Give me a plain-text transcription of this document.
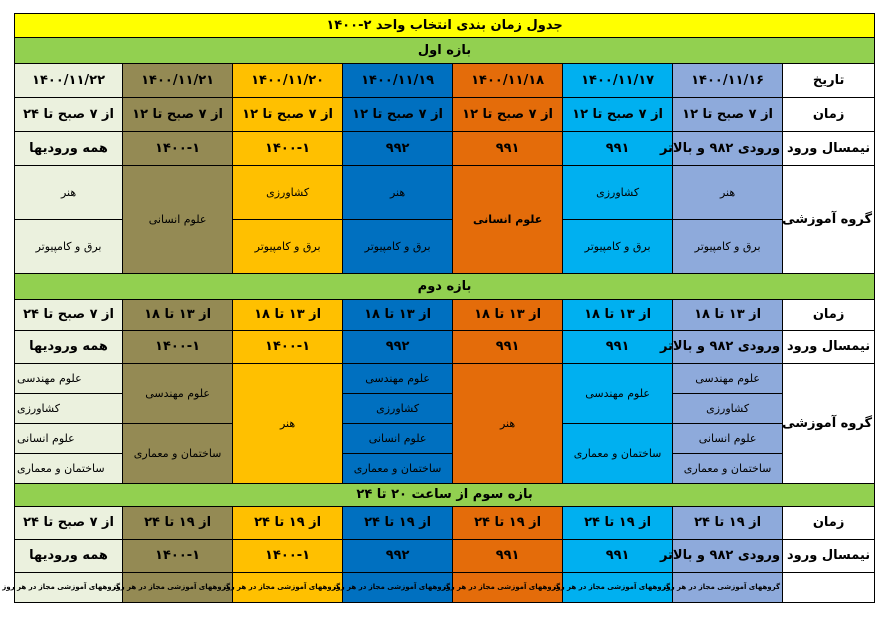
جدول زمان بندی انتخاب واحد ۲-۱۴۰۰							
بازه اول							
تاریخ	۱۴۰۰/۱۱/۱۶	۱۴۰۰/۱۱/۱۷	۱۴۰۰/۱۱/۱۸	۱۴۰۰/۱۱/۱۹	۱۴۰۰/۱۱/۲۰	۱۴۰۰/۱۱/۲۱	۱۴۰۰/۱۱/۲۲
زمان	از ۷ صبح تا ۱۲	از ۷ صبح تا ۱۲	از ۷ صبح تا ۱۲	از ۷ صبح تا ۱۲	از ۷ صبح تا ۱۲	از ۷ صبح تا ۱۲	از ۷ صبح تا ۲۴
نیمسال ورود	ورودی ۹۸۲ و بالاتر	۹۹۱	۹۹۱	۹۹۲	۱۴۰۰-۱	۱۴۰۰-۱	همه ورودیها
گروه آموزشی	هنر	کشاورزی	علوم انسانی	هنر	کشاورزی	علوم انسانی	هنر
	برق و کامپیوتر	برق و کامپیوتر		برق و کامپیوتر	برق و کامپیوتر		برق و کامپیوتر
بازه دوم							
زمان	از ۱۳ تا ۱۸	از ۱۳ تا ۱۸	از ۱۳ تا ۱۸	از ۱۳ تا ۱۸	از ۱۳ تا ۱۸	از ۱۳ تا ۱۸	از ۷ صبح تا ۲۴
نیمسال ورود	ورودی ۹۸۲ و بالاتر	۹۹۱	۹۹۱	۹۹۲	۱۴۰۰-۱	۱۴۰۰-۱	همه ورودیها
گروه آموزشی	علوم مهندسی	علوم مهندسی	هنر	علوم مهندسی	هنر	علوم مهندسی	علوم مهندسی
	کشاورزی			کشاورزی			کشاورزی
	علوم انسانی	ساختمان و معماری		علوم انسانی		ساختمان و معماری	علوم انسانی
	ساختمان و معماری			ساختمان و معماری			ساختمان و معماری
بازه سوم از ساعت ۲۰ تا ۲۴							
زمان	از ۱۹ تا ۲۴	از ۱۹ تا ۲۴	از ۱۹ تا ۲۴	از ۱۹ تا ۲۴	از ۱۹ تا ۲۴	از ۱۹ تا ۲۴	از ۷ صبح تا ۲۴
نیمسال ورود	ورودی ۹۸۲ و بالاتر	۹۹۱	۹۹۱	۹۹۲	۱۴۰۰-۱	۱۴۰۰-۱	همه ورودیها
	گروههای آموزشی مجاز در هر روز	گروههای آموزشی مجاز در هر روز	گروههای آموزشی مجاز در هر روز	گروههای آموزشی مجاز در هر روز	گروههای آموزشی مجاز در هر روز	گروههای آموزشی مجاز در هر روز	گروههای آموزشی مجاز در هر روز
